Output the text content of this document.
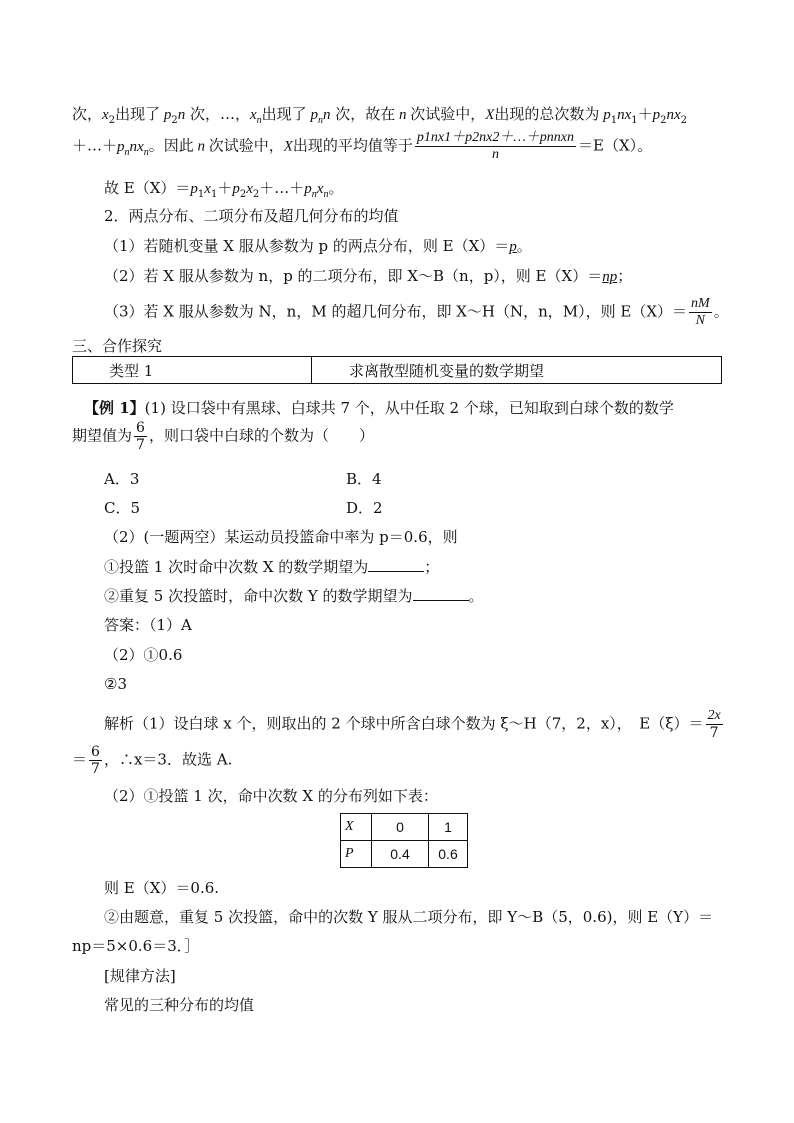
次，$x_2$出现了 $p_2n$ 次，…，$x_n$出现了 $p_nn$ 次，故在 n 次试验中，X出现的总次数为 $p_1nx_1+p_2nx_2$
$+\dots+p_nnx_n$。因此 n 次试验中，X出现的平均值等于 $\frac{\text{p1nx1＋p2nx2＋…＋pnnxn}}{n} =E(X)$。
故 $E(X)=p_1x_1+p_2x_2+\dots+p_nx_n$。
2．两点分布、二项分布及超几何分布的均值
（1）若随机变量 X 服从参数为 p 的两点分布，则 E（X）＝p。
（2）若 X 服从参数为 n，p 的二项分布，即 X～B（n，p），则 E（X）＝np；
（3）若 X 服从参数为 N，n，M 的超几何分布，即 X～H（N，n，M），则 $E(X)= \frac{nM}{N}$ 。
三、合作探究
类型 1	求离散型随机变量的数学期望
【例 1】(1) 设口袋中有黑球、白球共 7 个，从中任取 2 个球，已知取到白球个数的数学
期望值为 $\frac{6}{7}$ ，则口袋中白球的个数为（　　）
A．3	B．4
C．5	D．2
（2）(一题两空）某运动员投篮命中率为 p＝0.6，则
①投篮 1 次时命中次数 X 的数学期望为	；
②重复 5 次投篮时，命中次数 Y 的数学期望为	。
答案：（1）A
（2）①0.6
②3
解析（1）设白球 x 个，则取出的 2 个球中所含白球个数为 ξ～H（7，2，x），　$E(\xi)= \frac{2x}{7}$
＝ $\frac{6}{7}$ ，∴x＝3．故选 A.
（2）①投篮 1 次，命中次数 X 的分布列如下表：
X	0	1
P	0.4	0.6
则 E（X）＝0.6.
②由题意，重复 5 次投篮，命中的次数 Y 服从二项分布，即 Y～B（5，0.6)，则 E（Y）＝
np＝5×0.6＝3．］
[规律方法]
常见的三种分布的均值
